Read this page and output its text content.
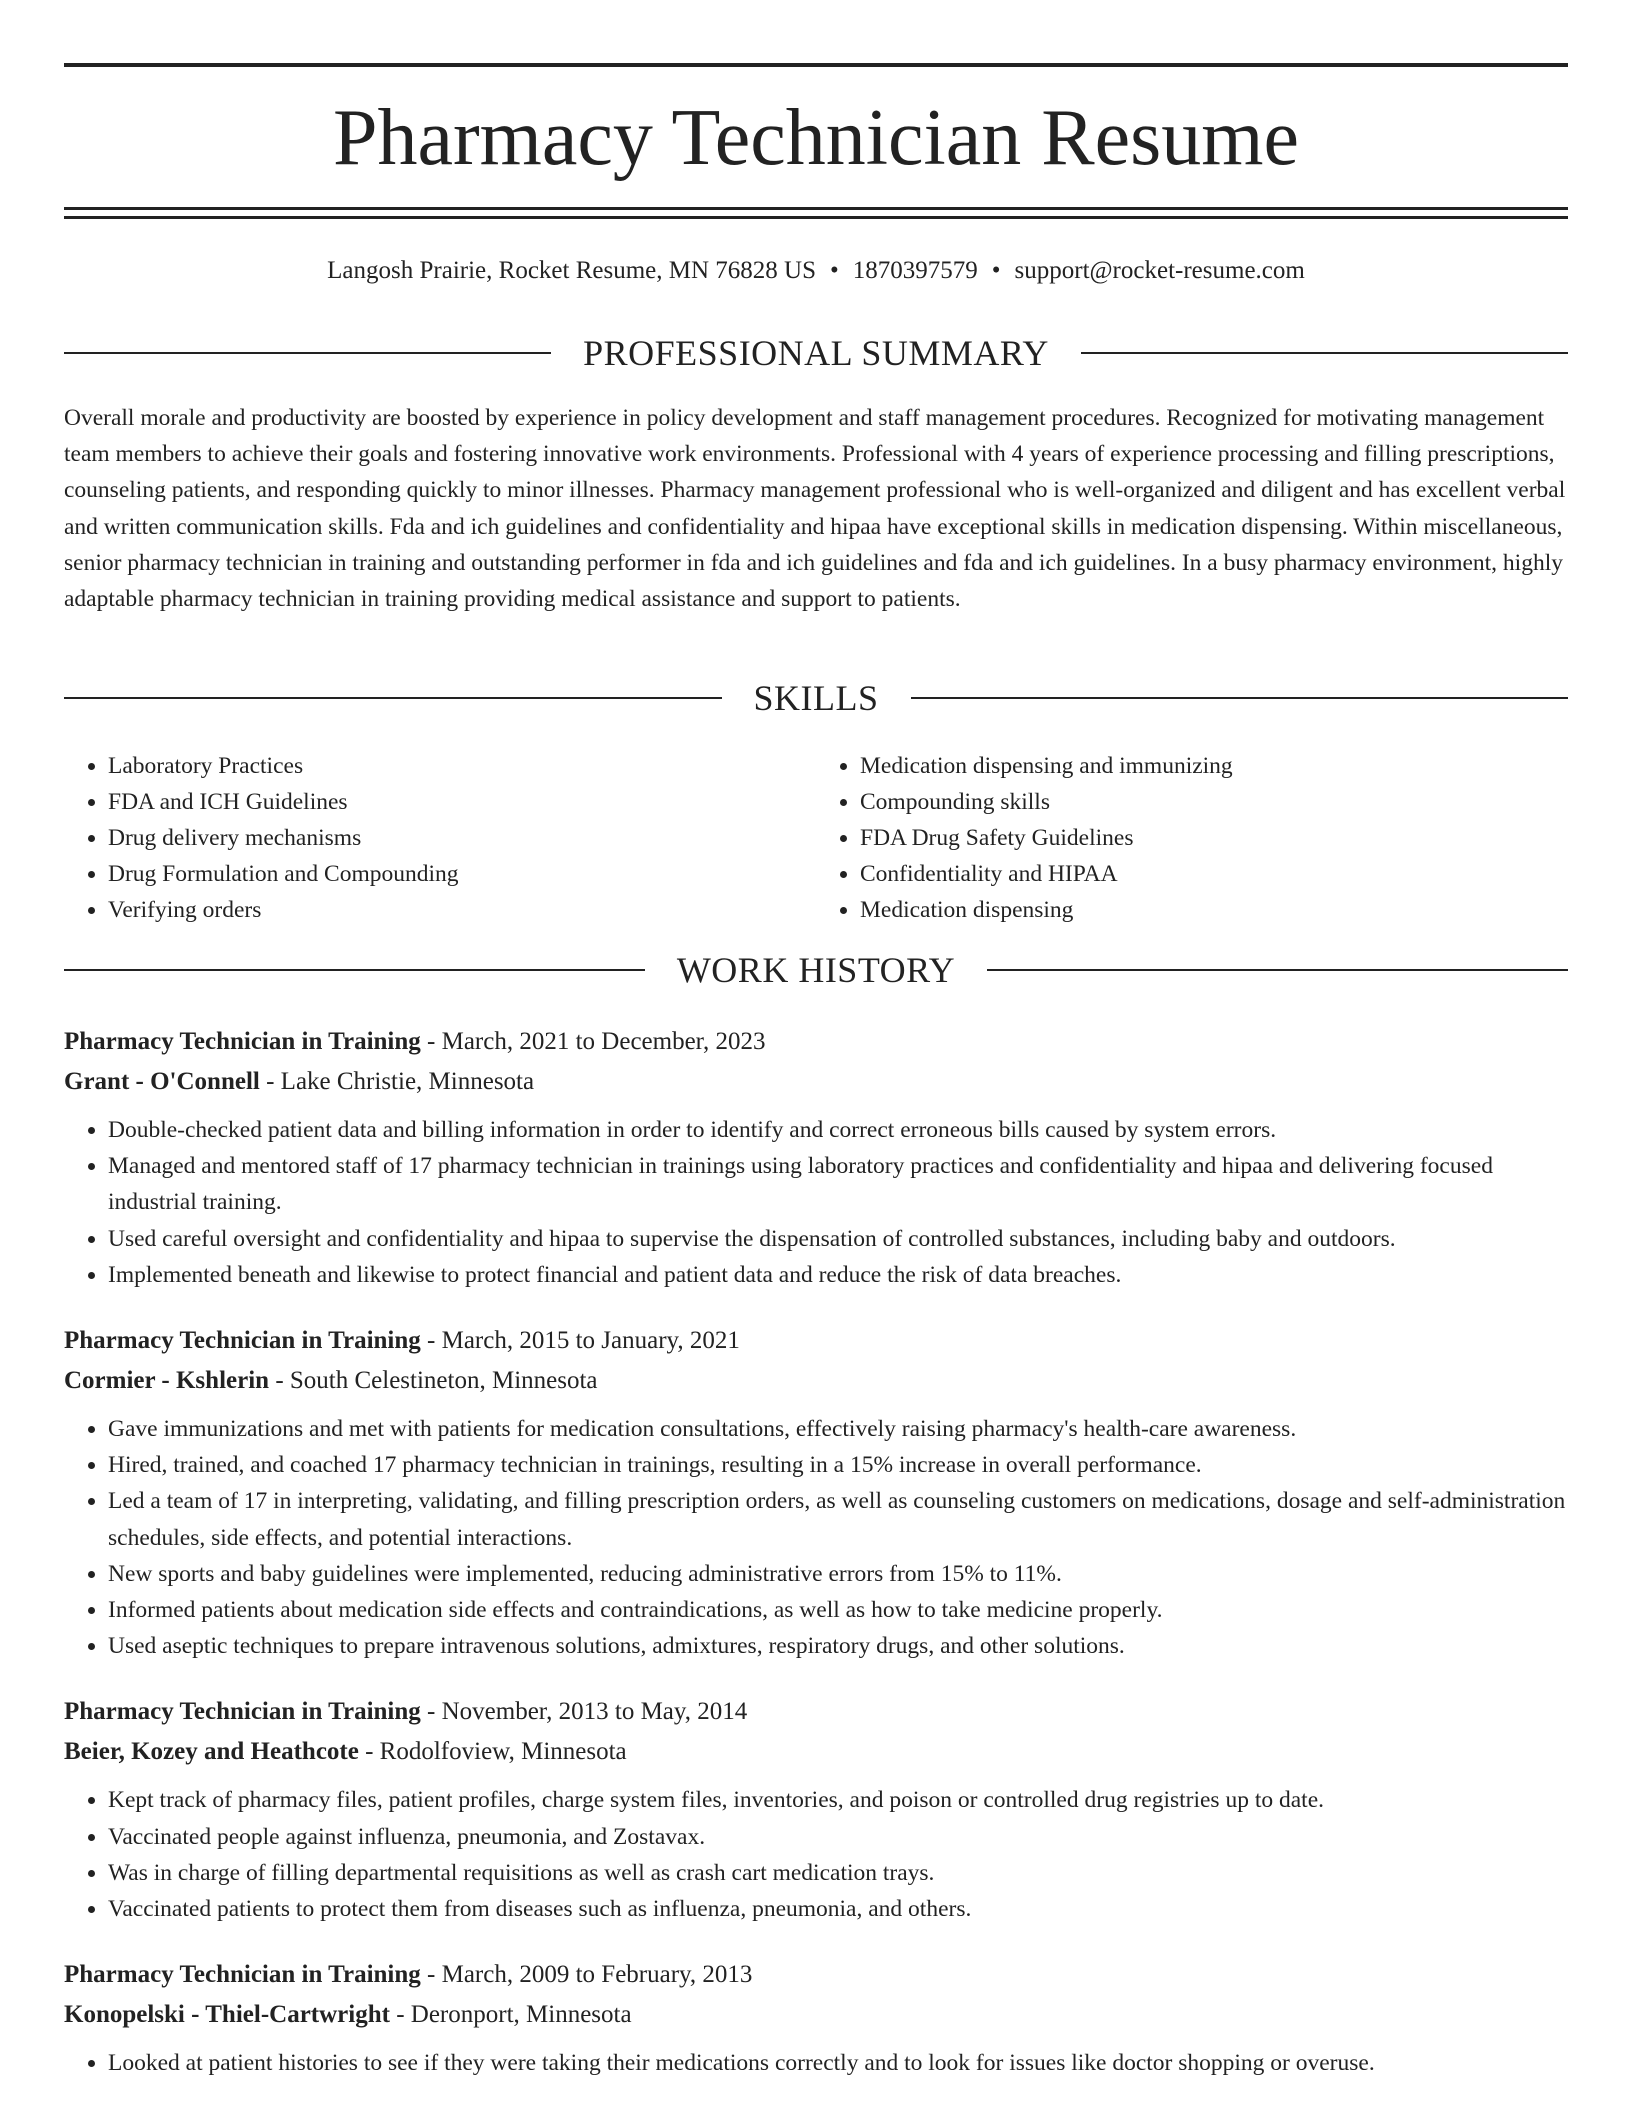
Pharmacy Technician Resume
Langosh Prairie, Rocket Resume, MN 76828 US • 1870397579 • support@rocket-resume.com
PROFESSIONAL SUMMARY
Overall morale and productivity are boosted by experience in policy development and staff management procedures. Recognized for motivating management team members to achieve their goals and fostering innovative work environments. Professional with 4 years of experience processing and filling prescriptions, counseling patients, and responding quickly to minor illnesses. Pharmacy management professional who is well-organized and diligent and has excellent verbal and written communication skills. Fda and ich guidelines and confidentiality and hipaa have exceptional skills in medication dispensing. Within miscellaneous, senior pharmacy technician in training and outstanding performer in fda and ich guidelines and fda and ich guidelines. In a busy pharmacy environment, highly adaptable pharmacy technician in training providing medical assistance and support to patients.
SKILLS
• Laboratory Practices
• FDA and ICH Guidelines
• Drug delivery mechanisms
• Drug Formulation and Compounding
• Verifying orders
• Medication dispensing and immunizing
• Compounding skills
• FDA Drug Safety Guidelines
• Confidentiality and HIPAA
• Medication dispensing
WORK HISTORY
Pharmacy Technician in Training - March, 2021 to December, 2023
Grant - O'Connell - Lake Christie, Minnesota
• Double-checked patient data and billing information in order to identify and correct erroneous bills caused by system errors.
• Managed and mentored staff of 17 pharmacy technician in trainings using laboratory practices and confidentiality and hipaa and delivering focused industrial training.
• Used careful oversight and confidentiality and hipaa to supervise the dispensation of controlled substances, including baby and outdoors.
• Implemented beneath and likewise to protect financial and patient data and reduce the risk of data breaches.
Pharmacy Technician in Training - March, 2015 to January, 2021
Cormier - Kshlerin - South Celestineton, Minnesota
• Gave immunizations and met with patients for medication consultations, effectively raising pharmacy's health-care awareness.
• Hired, trained, and coached 17 pharmacy technician in trainings, resulting in a 15% increase in overall performance.
• Led a team of 17 in interpreting, validating, and filling prescription orders, as well as counseling customers on medications, dosage and self-administration schedules, side effects, and potential interactions.
• New sports and baby guidelines were implemented, reducing administrative errors from 15% to 11%.
• Informed patients about medication side effects and contraindications, as well as how to take medicine properly.
• Used aseptic techniques to prepare intravenous solutions, admixtures, respiratory drugs, and other solutions.
Pharmacy Technician in Training - November, 2013 to May, 2014
Beier, Kozey and Heathcote - Rodolfoview, Minnesota
• Kept track of pharmacy files, patient profiles, charge system files, inventories, and poison or controlled drug registries up to date.
• Vaccinated people against influenza, pneumonia, and Zostavax.
• Was in charge of filling departmental requisitions as well as crash cart medication trays.
• Vaccinated patients to protect them from diseases such as influenza, pneumonia, and others.
Pharmacy Technician in Training - March, 2009 to February, 2013
Konopelski - Thiel-Cartwright - Deronport, Minnesota
• Looked at patient histories to see if they were taking their medications correctly and to look for issues like doctor shopping or overuse.
